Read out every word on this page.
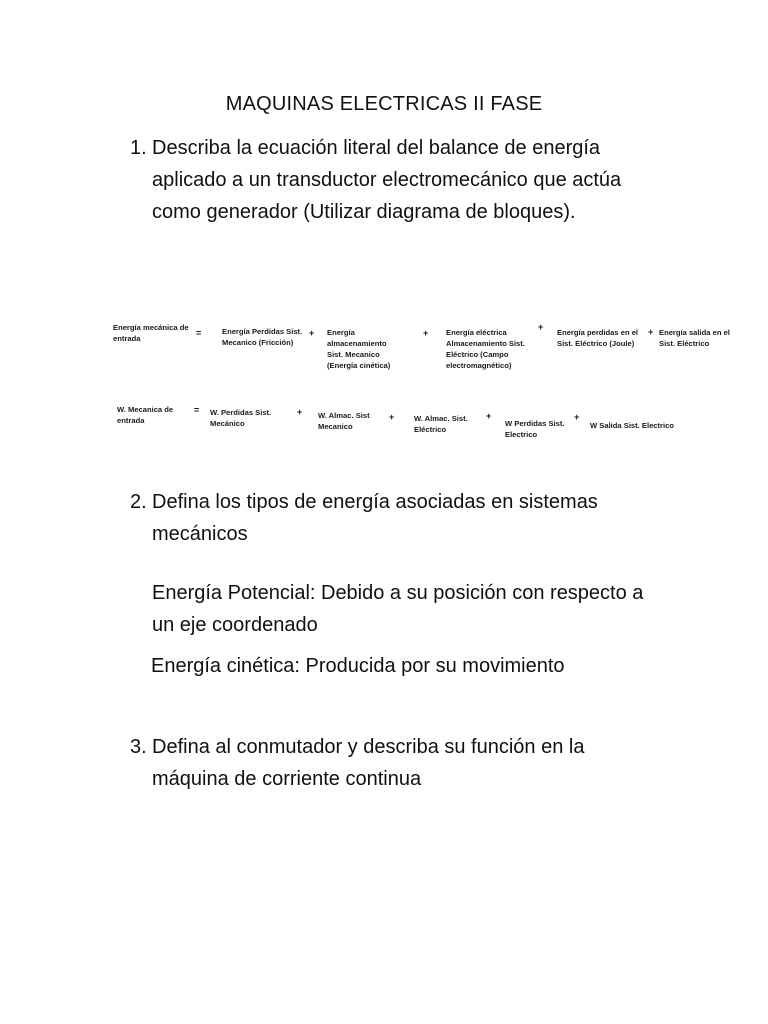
MAQUINAS ELECTRICAS II FASE
1. Describa la ecuación literal del balance de energía aplicado a un transductor electromecánico que actúa como generador (Utilizar diagrama de bloques).
Energía mecánica de entrada
=	Energía Perdidas Sist. Mecanico (Fricción)
+ Energía almacenamiento Sist. Mecanico (Energía cinética)
+ Energía eléctrica Almacenamiento Sist. Eléctrico (Campo electromagnético)
+
Energía perdidas en el Sist. Eléctrico (Joule)
+ Energía salida en el Sist. Eléctrico
W. Mecanica de entrada
= W. Perdidas Sist. Mecánico
+ W. Almac. Sist Mecanico
+	W. Almac. Sist. Eléctrico
+
W Perdidas Sist. Electrico
+
W Salida Sist. Electrico
2. Defina los tipos de energía asociadas en sistemas mecánicos
Energía Potencial: Debido a su posición con respecto a un eje coordenado
Energía cinética: Producida por su movimiento
3. Defina al conmutador y describa su función en la máquina de corriente continua
